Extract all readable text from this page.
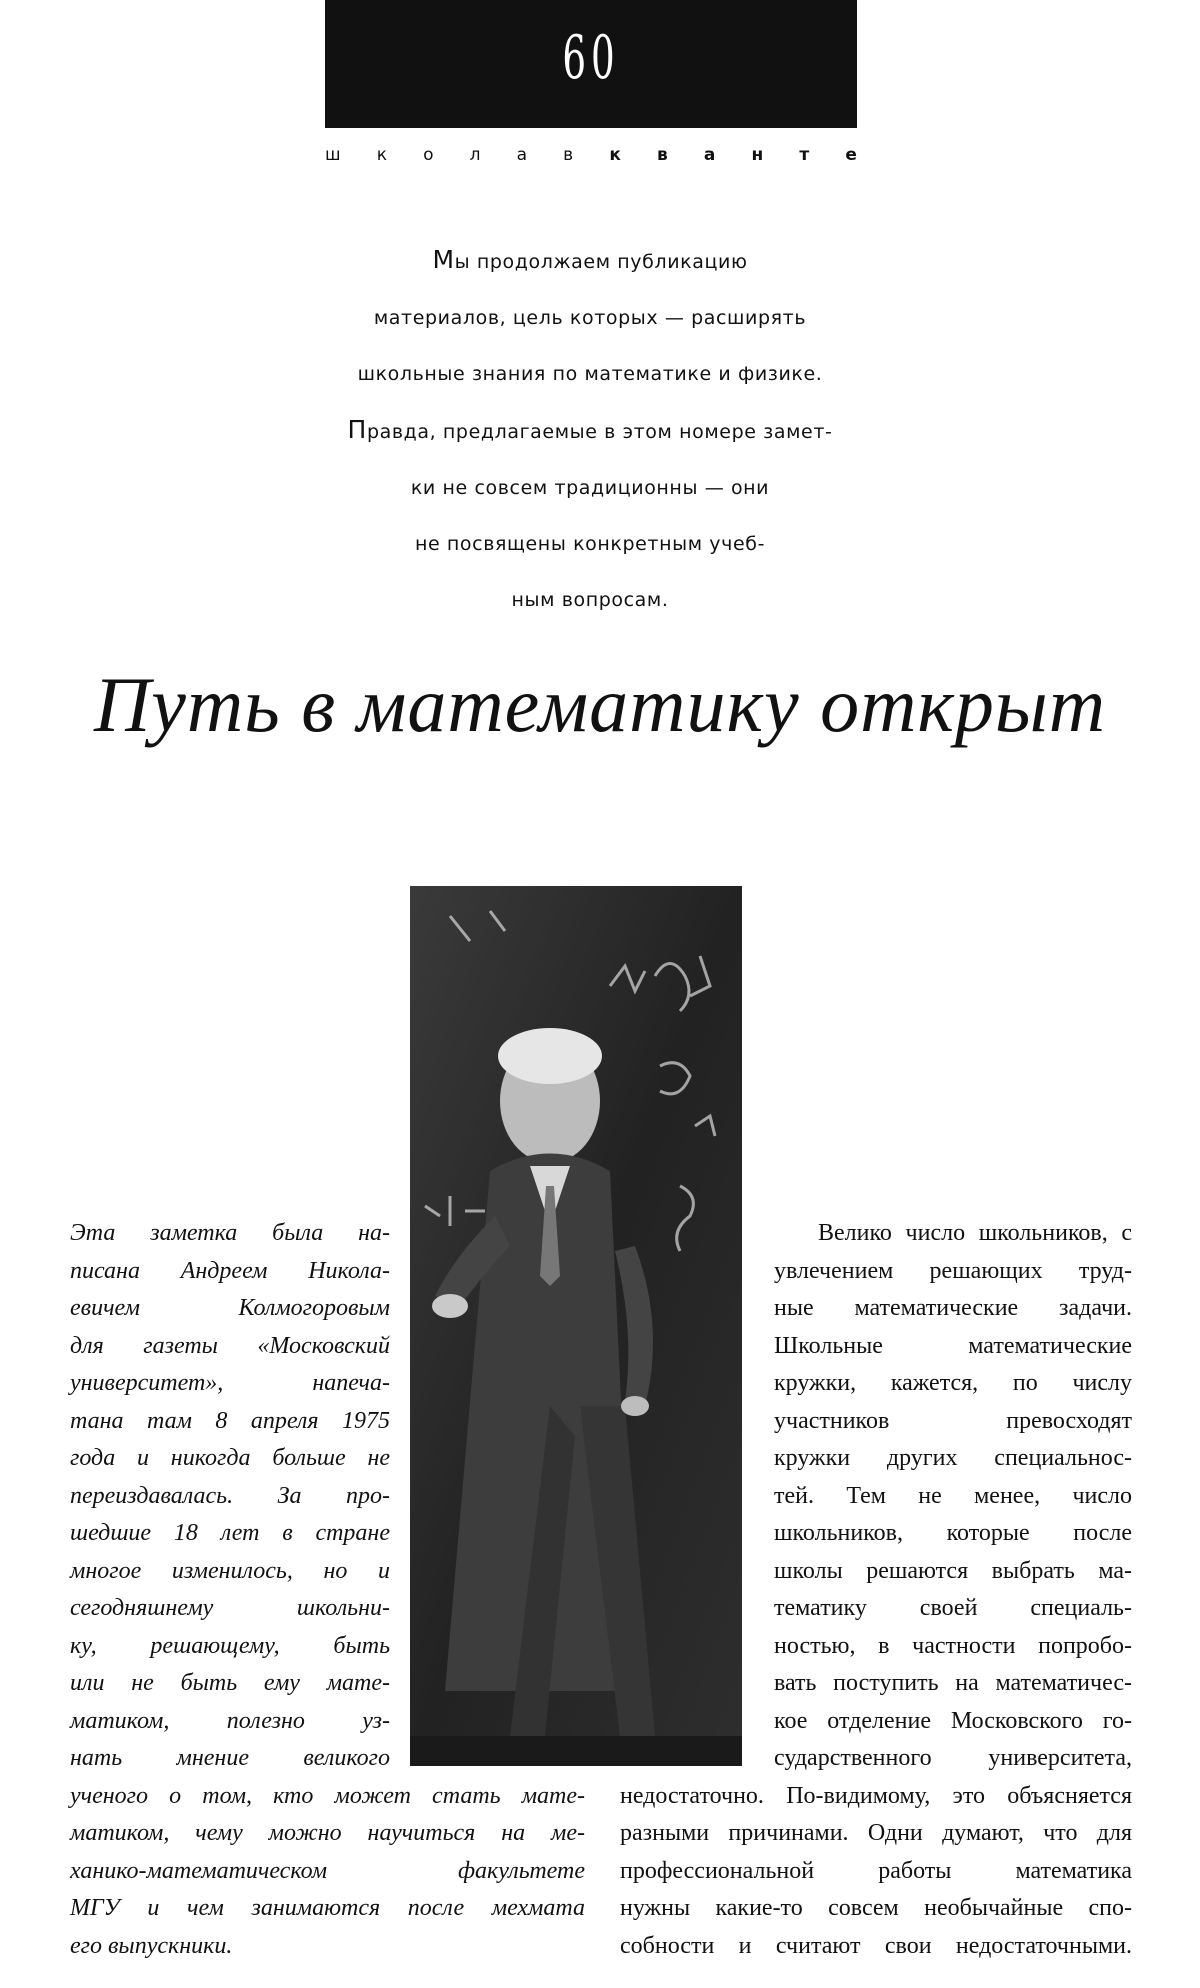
60
ш к о л а в к в а н т е
Мы продолжаем публикацию
материалов, цель которых — расширять
школьные знания по математике и физике.
Правда, предлагаемые в этом номере замет-
ки не совсем традиционны — они
не посвящены конкретным учеб-
ным вопросам.
Путь в математику открыт
Эта заметка была на-
писана Андреем Никола-
евичем Колмогоровым
для газеты «Московский
университет», напеча-
тана там 8 апреля 1975
года и никогда больше не
переиздавалась. За про-
шедшие 18 лет в стране
многое изменилось, но и
сегодняшнему школьни-
ку, решающему, быть
или не быть ему мате-
матиком, полезно уз-
нать мнение великого
ученого о том, кто может стать мате-
матиком, чему можно научиться на ме-
ханико-математическом факультете
МГУ и чем занимаются после мехмата
его выпускники.
Велико число школьников, с
увлечением решающих труд-
ные математические задачи.
Школьные математические
кружки, кажется, по числу
участников превосходят
кружки других специальнос-
тей. Тем не менее, число
школьников, которые после
школы решаются выбрать ма-
тематику своей специаль-
ностью, в частности попробо-
вать поступить на математичес-
кое отделение Московского го-
сударственного университета,
недостаточно. По-видимому, это объясняется
разными причинами. Одни думают, что для
профессиональной работы математика
нужны какие-то совсем необычайные спо-
собности и считают свои недостаточными.
